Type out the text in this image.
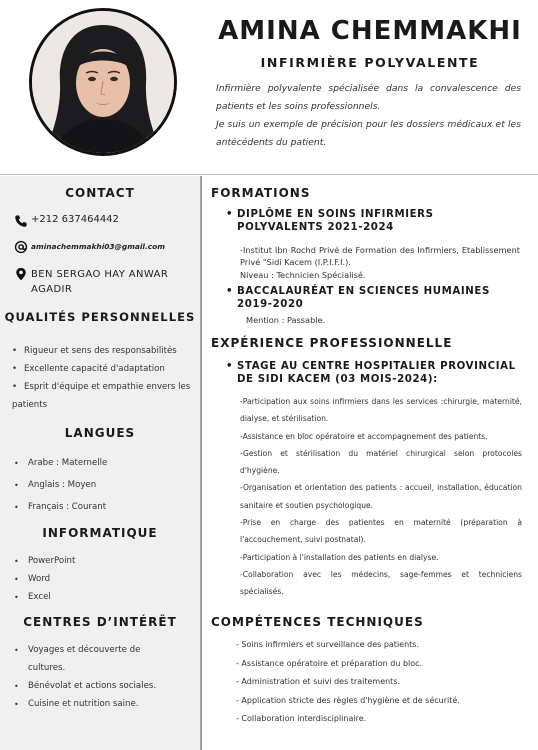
AMINA CHEMMAKHI
INFIRMIÈRE POLYVALENTE

Infirmière polyvalente spécialisée dans la convalescence des patients et les soins professionnels.

Je suis un exemple de précision pour les dossiers médicaux et les antécédents du patient.

CONTACT
+212 637464442
aminachemmakhi03@gmail.com
BEN SERGAO HAY ANWAR AGADIR
QUALITÉS PERSONNELLES
• Rigueur et sens des responsabilités
• Excellente capacité d'adaptation
• Esprit d'équipe et empathie envers les patients
LANGUES
•	Arabe : Maternelle
•	Anglais : Moyen
•	Français : Courant
INFORMATIQUE
•	PowerPoint
•	Word
•	Excel
CENTRES D’INTÉRÊT
•	Voyages et découverte de
cultures.
•	Bénévolat et actions sociales.
•	Cuisine et nutrition saine.
FORMATIONS
• DIPLÔME EN SOINS INFIRMIERS
POLYVALENTS 2021-2024
-Institut Ibn Rochd Privé de Formation des Infirmiers, Etablissement Privé "Sidi Kacem (I.P.I.F.I.).
Niveau : Technicien Spécialisé.
• BACCALAURÉAT EN SCIENCES HUMAINES
2019-2020
Mention : Passable.
EXPÉRIENCE PROFESSIONNELLE
• STAGE AU CENTRE HOSPITALIER PROVINCIAL
DE SIDI KACEM (03 MOIS-2024):
-Participation aux soins infirmiers dans les services :chirurgie, maternité, dialyse, et stérilisation.
-Assistance en bloc opératoire et accompagnement des patients.
-Gestion et stérilisation du matériel chirurgical selon protocoles d'hygiène.
-Organisation et orientation des patients : accueil, installation, éducation sanitaire et soutien psychologique.
-Prise en charge des patientes en maternité (préparation à l'accouchement, suivi postnatal).
-Participation à l'installation des patients en dialyse.
-Collaboration avec les médecins, sage-femmes et techniciens spécialisés.
COMPÉTENCES TECHNIQUES
- Soins infirmiers et surveillance des patients.
- Assistance opératoire et préparation du bloc.
- Administration et suivi des traitements.
- Application stricte des règles d'hygiène et de sécurité.
- Collaboration interdisciplinaire.
